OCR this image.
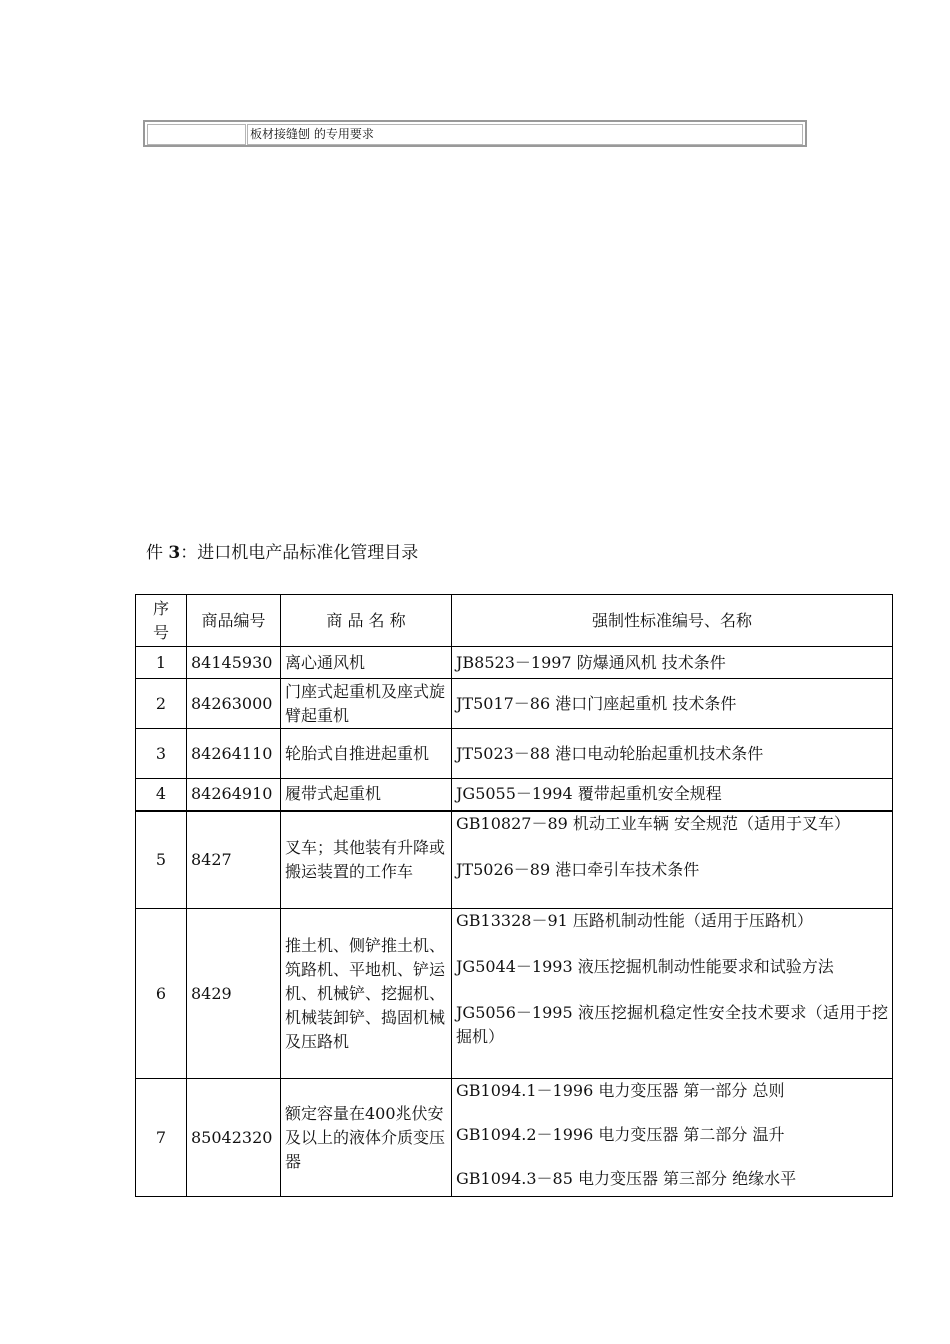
板材接缝刨 的专用要求
件 3：进口机电产品标准化管理目录
序
号	商品编号	商 品 名 称	强制性标准编号、名称
1	84145930	离心通风机	JB8523－1997 防爆通风机 技术条件
2	84263000	门座式起重机及座式旋臂起重机	JT5017－86 港口门座起重机 技术条件
3	84264110	轮胎式自推进起重机	JT5023－88 港口电动轮胎起重机技术条件
4	84264910	履带式起重机	JG5055－1994 覆带起重机安全规程
5	8427	叉车；其他装有升降或搬运装置的工作车	GB10827－89 机动工业车辆 安全规范（适用于叉车）
JT5026－89 港口牵引车技术条件

6	8429	推土机、侧铲推土机、筑路机、平地机、铲运机、机械铲、挖掘机、机械装卸铲、捣固机械及压路机	GB13328－91 压路机制动性能（适用于压路机）
JG5044－1993 液压挖掘机制动性能要求和试验方法
JG5056－1995 液压挖掘机稳定性安全技术要求（适用于挖掘机）

7	85042320	额定容量在400兆伏安及以上的液体介质变压器	GB1094.1－1996 电力变压器 第一部分 总则
GB1094.2－1996 电力变压器 第二部分 温升
GB1094.3－85 电力变压器 第三部分 绝缘水平
